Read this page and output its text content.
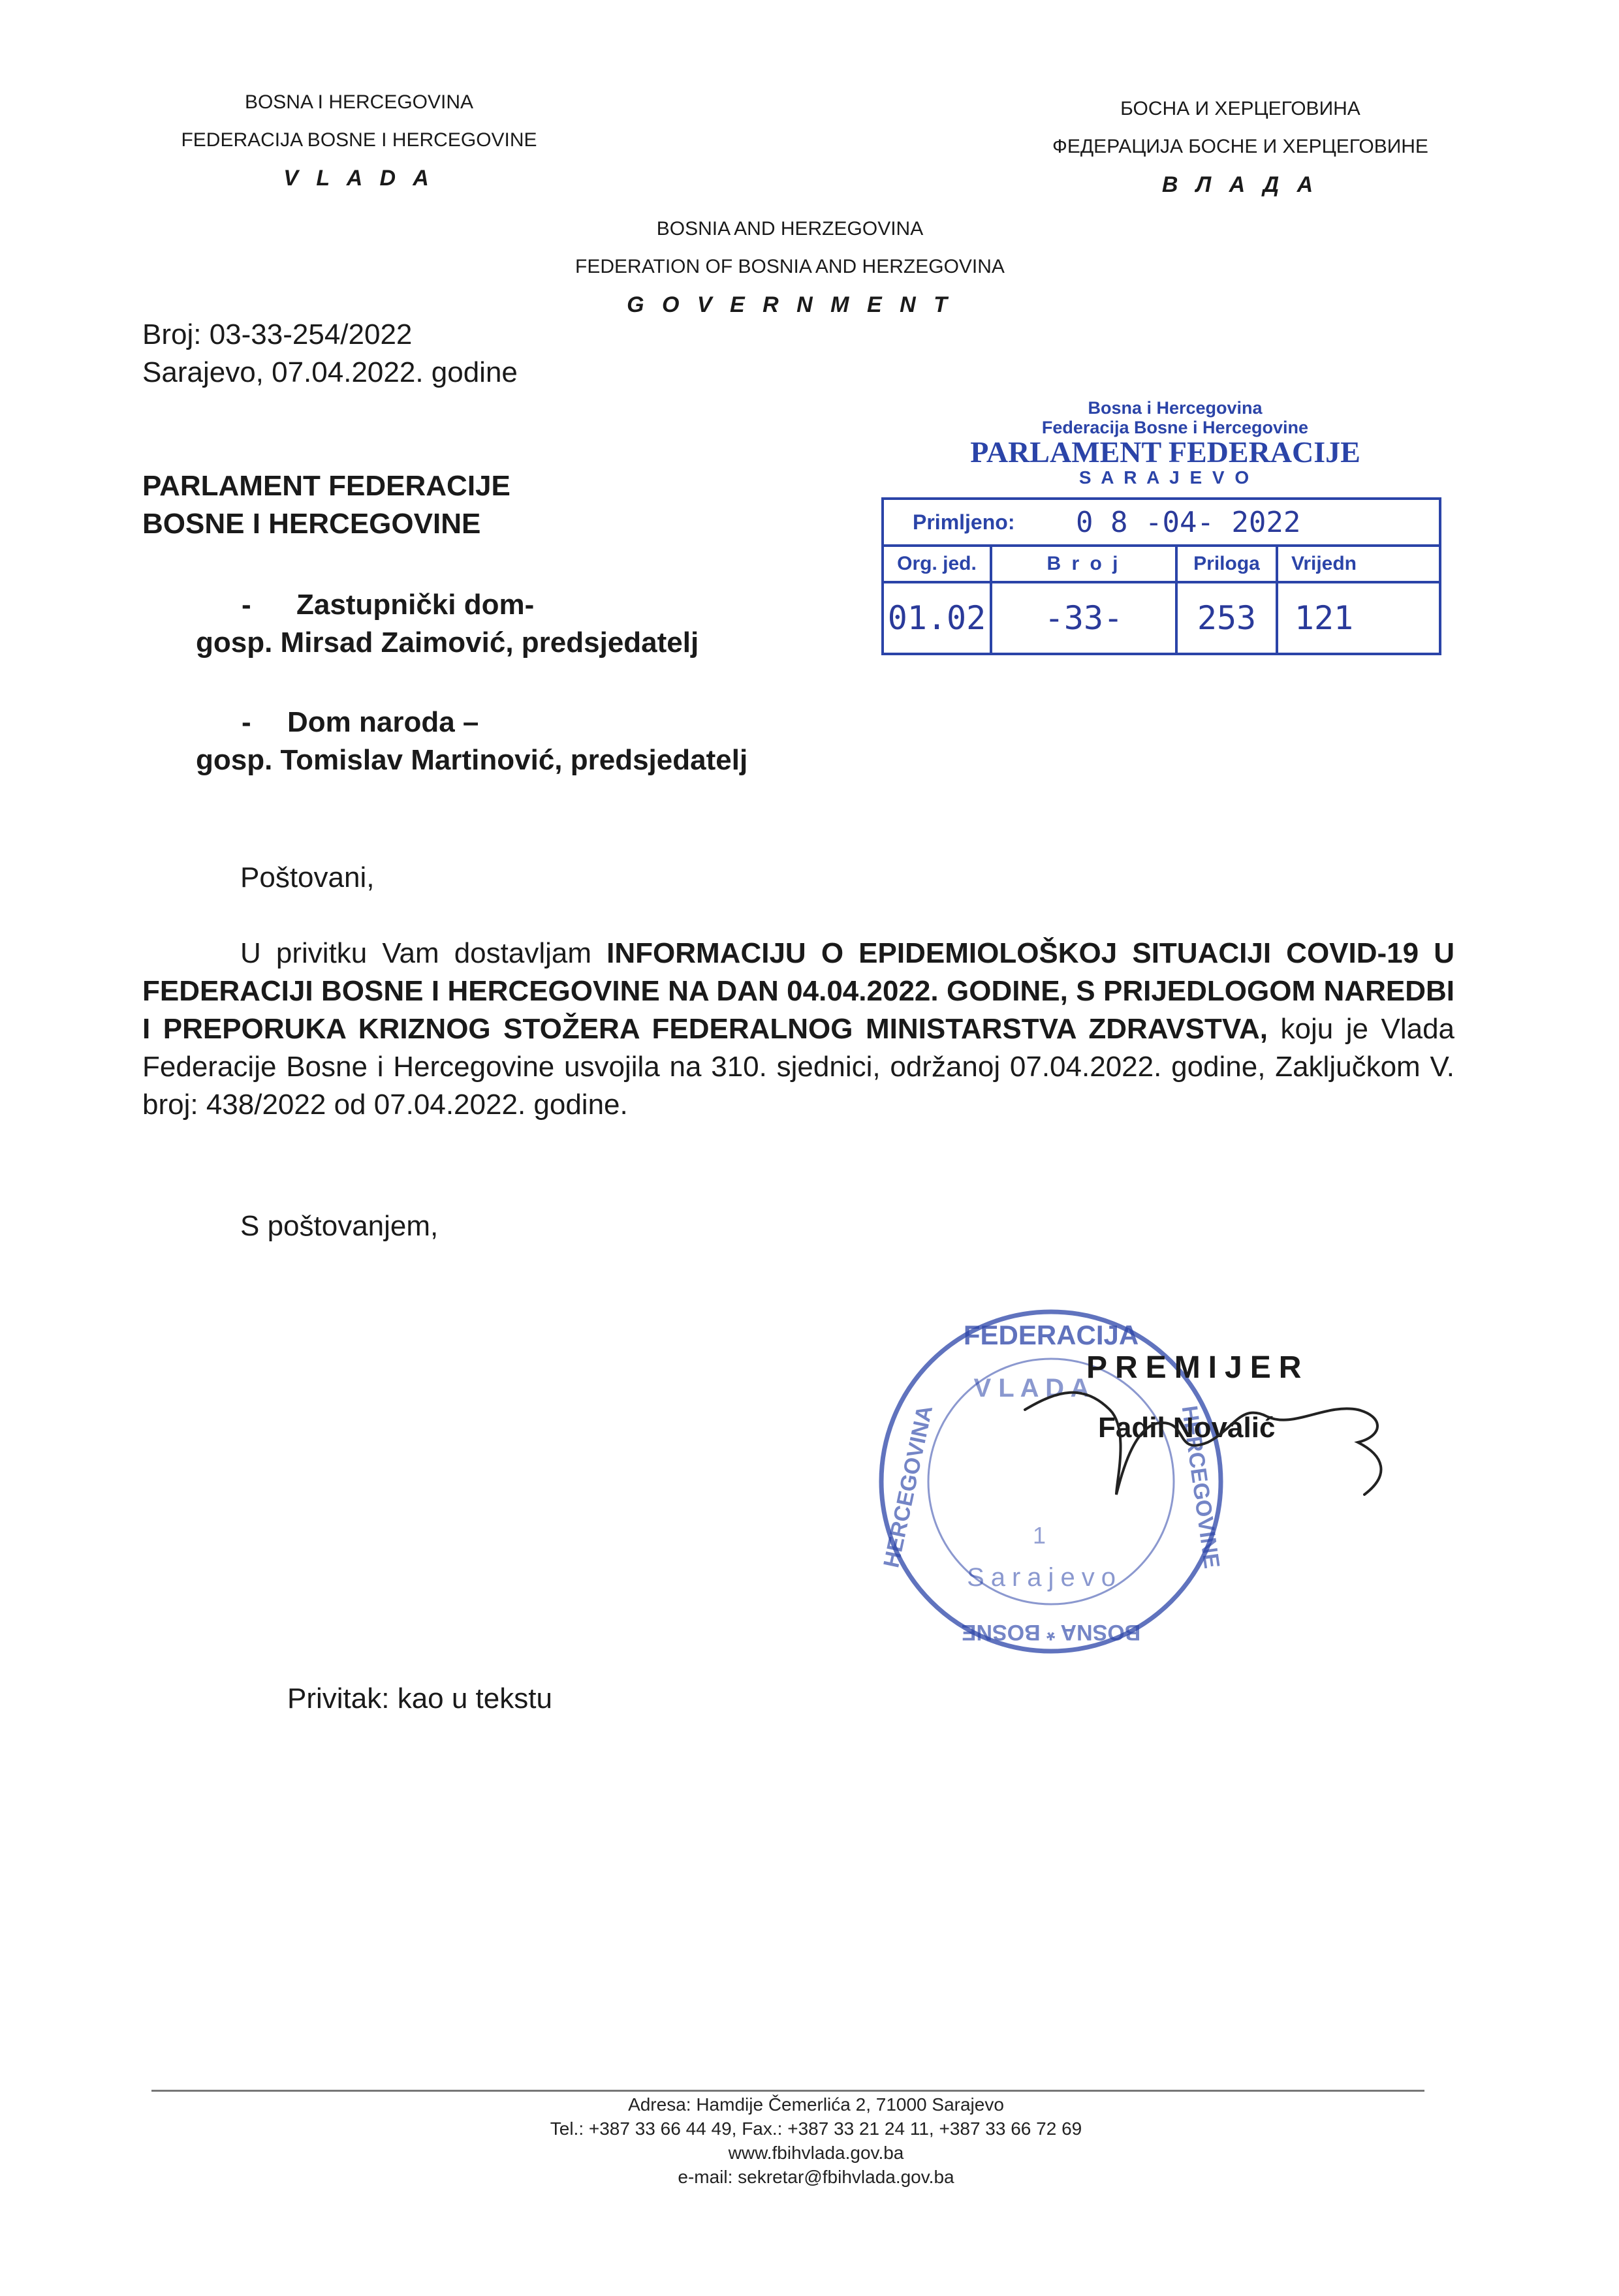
BOSNA I HERCEGOVINA
FEDERACIJA BOSNE I HERCEGOVINE
V L A D A
БОСНА И ХЕРЦЕГОВИНА
ФЕДЕРАЦИЈА БОСНЕ И ХЕРЦЕГОВИНЕ
В Л А Д А
BOSNIA AND HERZEGOVINA
FEDERATION OF BOSNIA AND HERZEGOVINA
G O V E R N M E N T
Broj: 03-33-254/2022
Sarajevo, 07.04.2022. godine
Bosna i Hercegovina
Federacija Bosne i Hercegovine
PARLAMENT FEDERACIJE
S A R A J E V O
Primljeno:	0 8 -04- 2022
Org. jed.	B r o j	Priloga	Vrijedn
01.02	-33-	253	121
PARLAMENT FEDERACIJE
BOSNE I HERCEGOVINE
- Zastupnički dom-
gosp. Mirsad Zaimović, predsjedatelj
- Dom naroda –
gosp. Tomislav Martinović, predsjedatelj
Poštovani,
U privitku Vam dostavljam INFORMACIJU O EPIDEMIOLOŠKOJ SITUACIJI COVID-19 U FEDERACIJI BOSNE I HERCEGOVINE NA DAN 04.04.2022. GODINE, S PRIJEDLOGOM NAREDBI I PREPORUKA KRIZNOG STOŽERA FEDERALNOG MINISTARSTVA ZDRAVSTVA, koju je Vlada Federacije Bosne i Hercegovine usvojila na 310. sjednici, održanoj 07.04.2022. godine, Zaključkom V. broj: 438/2022 od 07.04.2022. godine.
S poštovanjem,
FEDERACIJA
HERCEGOVINA	HERCEGOVINE
BOSNA * BOSNE
V L A D A
1
Sarajevo
PREMIJER
Fadil Novalić
Privitak: kao u tekstu
Adresa: Hamdije Čemerlića 2, 71000 Sarajevo
Tel.: +387 33 66 44 49, Fax.: +387 33 21 24 11, +387 33 66 72 69
www.fbihvlada.gov.ba
e-mail: sekretar@fbihvlada.gov.ba
